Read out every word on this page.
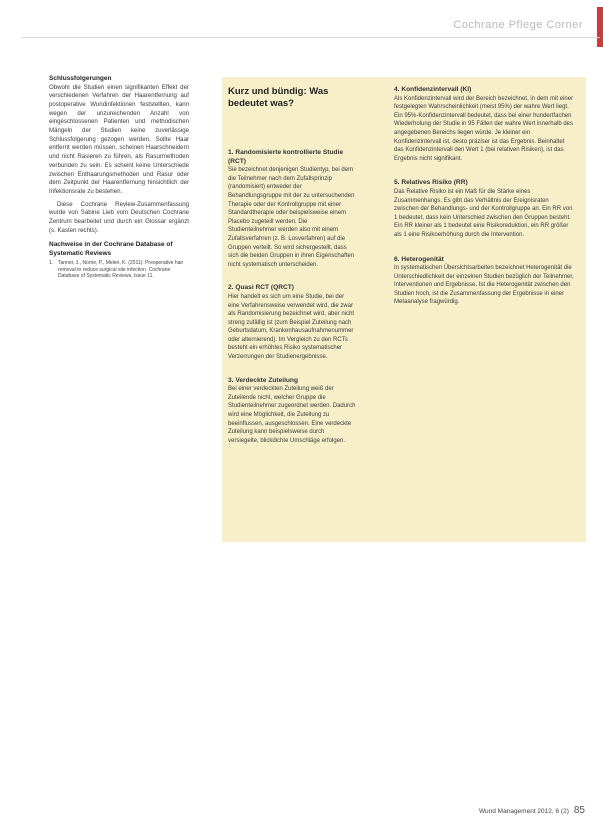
Cochrane Pflege Corner
Schlussfolgerungen

Obwohl die Studien einen signifikanten Effekt der verschiedenen Verfahren der Haarentfernung auf postoperative Wundinfektionen feststellten, kann wegen der unzureichenden Anzahl von eingeschlossenen Patienten und methodischen Mängeln der Studien keine zuverlässige Schlussfolgerung gezogen werden. Sollte Haar entfernt werden müssen, scheinen Haarschneidern und nicht Rasieren zu führen, als Rasurmethoden verbunden zu sein. Es scheint keine Unterschiede zwischen Enthaarungsmethoden und Rasur oder dem Zeitpunkt der Haarentfernung hinsichtlich der Infektionsrate zu bestehen.

Diese Cochrane Review-Zusammenfassung wurde von Sabine Lieb vom Deutschen Cochrane Zentrum bearbeitet und durch ein Glossar ergänzt (s. Kasten rechts).

Nachweise in der Cochrane Database of Systematic Reviews
1. Tanner, J., Norrie, P., Melen, K. (2011): Preoperative hair removal to reduce surgical site infection. Cochrane Database of Systematic Reviews, Issue 11.
Kurz und bündig: Was bedeutet was?
1. Randomisierte kontrollierte Studie (RCT)

Sie bezeichnet denjenigen Studientyp, bei dem die Teilnehmer nach dem Zufallsprinzip (randomisiert) entweder der Behandlungsgruppe mit der zu untersuchenden Therapie oder der Kontrollgruppe mit einer Standardtherapie oder beispielsweise einem Placebo zugeteilt werden. Die Studienteilnehmer werden also mit einem Zufallsverfahren (z. B. Losverfahren) auf die Gruppen verteilt. So wird sichergestellt, dass sich die beiden Gruppen in ihren Eigenschaften nicht systematisch unterscheiden.

2. Quasi RCT (QRCT)

Hier handelt es sich um eine Studie, bei der eine Verfahrensweise verwendet wird, die zwar als Randomisierung bezeichnet wird, aber nicht streng zufällig ist (zum Beispiel Zuteilung nach Geburtsdatum, Krankenhausaufnahmenummer oder alternierend). Im Vergleich zu den RCTs besteht ein erhöhtes Risiko systematischer Verzerrungen der Studienergebnisse.

3. Verdeckte Zuteilung

Bei einer verdeckten Zuteilung weiß der Zuteilende nicht, welcher Gruppe die Studienteilnehmer zugeordnet werden. Dadurch wird eine Möglichkeit, die Zuteilung zu beeinflussen, ausgeschlossen. Eine verdeckte Zuteilung kann beispielsweise durch versiegelte, blickdichte Umschläge erfolgen.

4. Konfidenzintervall (KI)

Als Konfidenzintervall wird der Bereich bezeichnet, in dem mit einer festgelegten Wahrscheinlichkeit (meist 95%) der wahre Wert liegt. Ein 95%-Konfidenzintervall bedeutet, dass bei einer hundertfachen Wiederholung der Studie in 95 Fällen der wahre Wert innerhalb des angegebenen Bereichs liegen würde. Je kleiner ein Konfidenzintervall ist, desto präziser ist das Ergebnis. Beinhaltet das Konfidenzintervall den Wert 1 (bei relativen Risiken), ist das Ergebnis nicht signifikant.

5. Relatives Risiko (RR)

Das Relative Risiko ist ein Maß für die Stärke eines Zusammenhangs. Es gibt das Verhältnis der Ereignisraten zwischen der Behandlungs- und der Kontrollgruppe an. Ein RR von 1 bedeutet, dass kein Unterschied zwischen den Gruppen besteht. Ein RR kleiner als 1 bedeutet eine Risikoreduktion, ein RR größer als 1 eine Risikoerhöhung durch die Intervention.

6. Heterogenität

In systematischen Übersichtsarbeiten bezeichnet Heterogenität die Unterschiedlichkeit der einzelnen Studien bezüglich der Teilnehmer, Interventionen und Ergebnisse. Ist die Heterogenität zwischen den Studien hoch, ist die Zusammenfassung der Ergebnisse in einer Metaanalyse fragwürdig.

Wund Management 2012, 6 (2) 85
